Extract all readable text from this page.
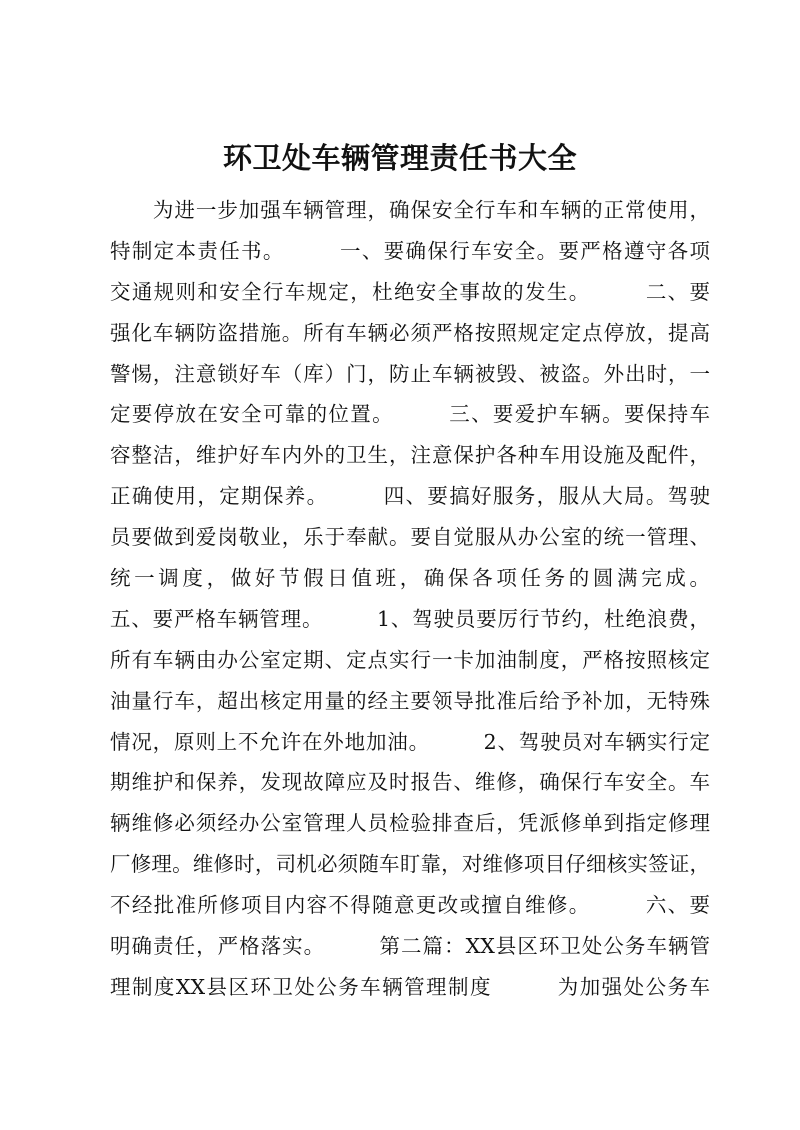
环卫处车辆管理责任书大全
　　为进一步加强车辆管理，确保安全行车和车辆的正常使用，
特制定本责任书。　　　一、要确保行车安全。要严格遵守各项
交通规则和安全行车规定，杜绝安全事故的发生。　　　二、要
强化车辆防盗措施。所有车辆必须严格按照规定定点停放，提高
警惕，注意锁好车（库）门，防止车辆被毁、被盗。外出时，一
定要停放在安全可靠的位置。　　　三、要爱护车辆。要保持车
容整洁，维护好车内外的卫生，注意保护各种车用设施及配件，
正确使用，定期保养。　　　四、要搞好服务，服从大局。驾驶
员要做到爱岗敬业，乐于奉献。要自觉服从办公室的统一管理、
统一调度，做好节假日值班，确保各项任务的圆满完成。
五、要严格车辆管理。　　　1、驾驶员要厉行节约，杜绝浪费，
所有车辆由办公室定期、定点实行一卡加油制度，严格按照核定
油量行车，超出核定用量的经主要领导批准后给予补加，无特殊
情况，原则上不允许在外地加油。　　　2、驾驶员对车辆实行定
期维护和保养，发现故障应及时报告、维修，确保行车安全。车
辆维修必须经办公室管理人员检验排查后，凭派修单到指定修理
厂修理。维修时，司机必须随车盯靠，对维修项目仔细核实签证，
不经批准所修项目内容不得随意更改或擅自维修。　　　六、要
明确责任，严格落实。　　　第二篇：XX县区环卫处公务车辆管
理制度XX县区环卫处公务车辆管理制度　　　为加强处公务车
